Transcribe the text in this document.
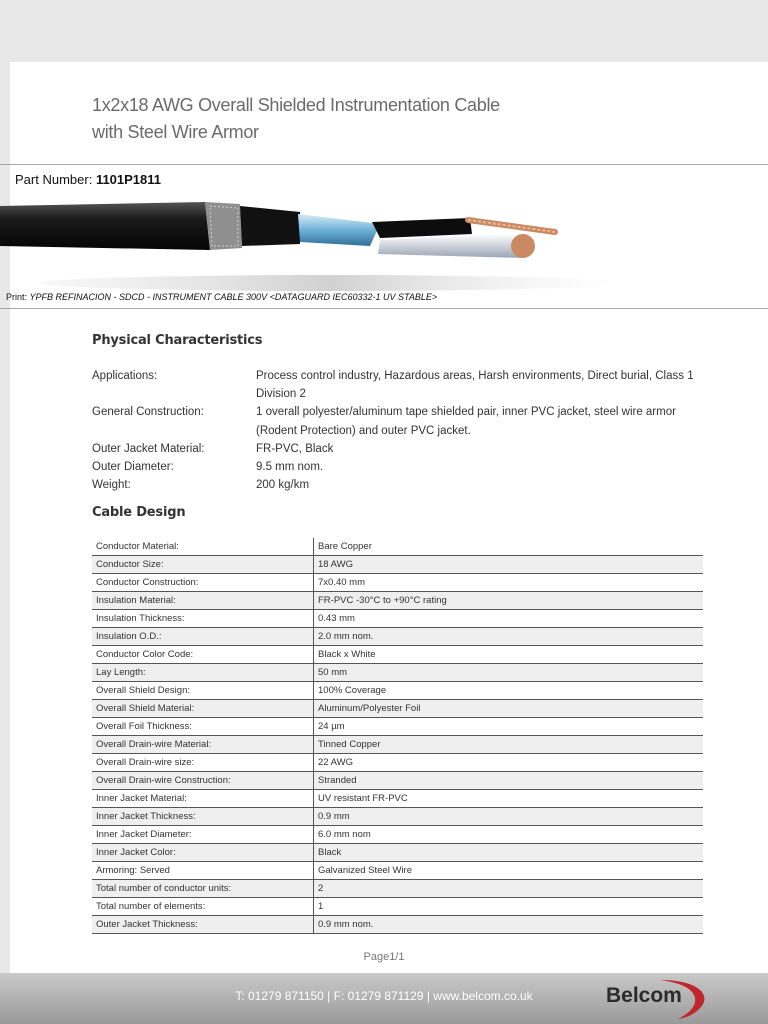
1x2x18 AWG Overall Shielded Instrumentation Cable
with Steel Wire Armor
Part Number: 1101P1811
Print: YPFB REFINACION - SDCD - INSTRUMENT CABLE 300V <DATAGUARD IEC60332-1 UV STABLE>
Physical Characteristics
Applications:	Process control industry, Hazardous areas, Harsh environments, Direct burial, Class 1 Division 2
General Construction:	1 overall polyester/aluminum tape shielded pair, inner PVC jacket, steel wire armor
(Rodent Protection) and outer PVC jacket.
Outer Jacket Material:	FR-PVC, Black
Outer Diameter:	9.5 mm nom.
Weight:	200 kg/km
Cable Design
Conductor Material:	Bare Copper
Conductor Size:	18 AWG
Conductor Construction:	7x0.40 mm
Insulation Material:	FR-PVC -30°C to +90°C rating
Insulation Thickness:	0.43 mm
Insulation O.D.:	2.0 mm nom.
Conductor Color Code:	Black x White
Lay Length:	50 mm
Overall Shield Design:	100% Coverage
Overall Shield Material:	Aluminum/Polyester Foil
Overall Foil Thickness:	24 µm
Overall Drain-wire Material:	Tinned Copper
Overall Drain-wire size:	22 AWG
Overall Drain-wire Construction:	Stranded
Inner Jacket Material:	UV resistant FR-PVC
Inner Jacket Thickness:	0.9 mm
Inner Jacket Diameter:	6.0 mm nom
Inner Jacket Color:	Black
Armoring: Served	Galvanized Steel Wire
Total number of conductor units:	2
Total number of elements:	1
Outer Jacket Thickness:	0.9 mm nom.
Page1/1
T: 01279 871150 | F: 01279 871129 | www.belcom.co.uk	Belcom
